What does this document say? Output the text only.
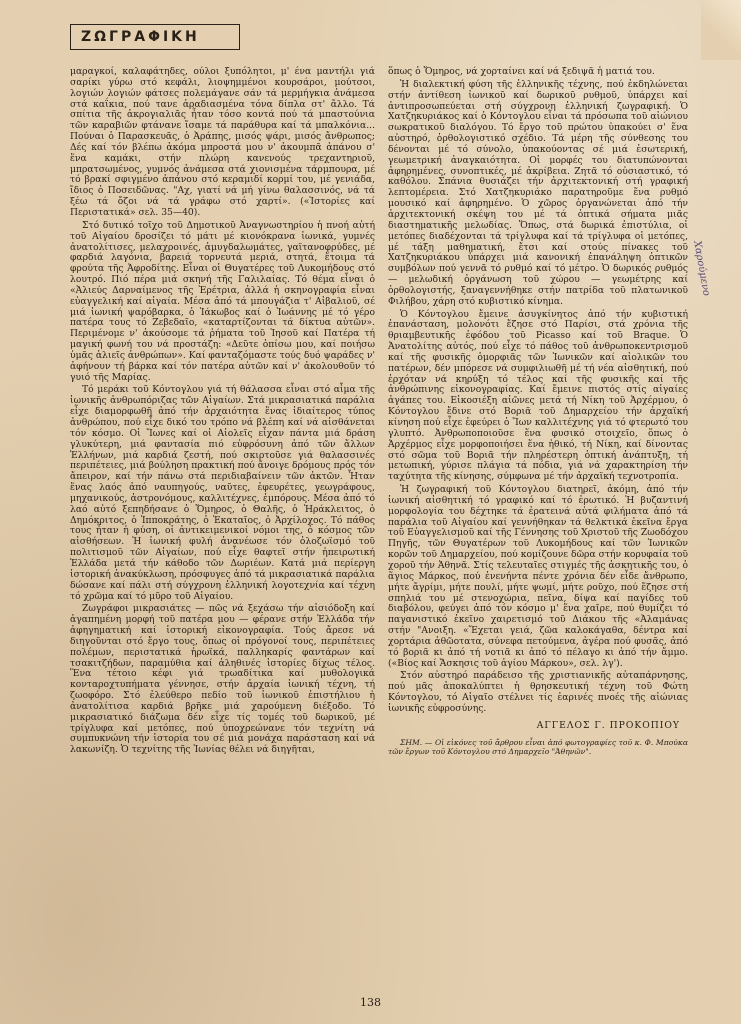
ΖΩΓΡΑΦΙΚΗ

μαραγκοί, καλαφάτηδες, ούλοι ξυπόλητοι, μ' ένα μαντήλι γιά σαρίκι γύρω στό κεφάλι, λιοψημμένοι κουρσάροι, μούτσοι, λογιών λογιών φάτσες πολεμάγανε σάν τά μερμήγκια ἀνάμεσα στά καΐκια, πού τανε ἀραδιασμένα τόνα δίπλα στ' ἄλλο. Τά σπίτια τῆς ἀκρογιαλιᾶς ἦταν τόσο κοντά πού τά μπαστούνια τῶν καραβιῶν φτάνανε ἴσαμε τά παράθυρα καί τά μπαλκόνια... Πούναι ὁ Παρασκευᾶς, ὁ Ἀράπης, μισός ψάρι, μισός ἄνθρωπος; Δές καί τόν βλέπω ἀκόμα μπροστά μου ν' ἀκουμπᾶ ἀπάνου σ' ἕνα καμάκι, στήν πλώρη κανενούς τρεχαντηριοῦ, μπρατσωμένος, γυμνός ἀνάμεσα στά χιονισμένα τάρμπουρα, μέ τό βρακί σφιγμένο ἀπάνου στό κεραμιδί κορμί του, μέ γενιάδα, ἴδιος ὁ Ποσειδῶνας. "Αχ, γιατί νά μή γίνω θαλασσινός, νά τά ξέω τά ὄζοι νά τά γράφω στό χαρτί». («Ἱστορίες καί Περιστατικά» σελ. 35—40).

Στό δυτικό τοῖχο τοῦ Δημοτικοῦ Ἀναγνωστηρίου ἡ πνοή αὐτή τοῦ Αἰγαίου δροσίζει τό μάτι μέ κιονόκρανα ἰωνικά, γυμνές ἀνατολίτισες, μελαχροινές, ἀμυγδαλωμάτες, γαϊτανοφρύδες, μέ φαρδιά λαγόνια, βαρειά τορνευτά μεριά, στητά, ἕτοιμα τά φρούτα τῆς Ἀφροδίτης. Εἶναι οἱ Θυγατέρες τοῦ Λυκομήδους στό λουτρό. Πιό πέρα μιά σκηνή τῆς Γαλιλαίας. Τό θέμα εἶναι ὁ «Ἁλιεύς Δαρναίμενος τῆς Ἐρέτρια, ἀλλά ἡ σκηνογραφία εἶναι εὐαγγελική καί αἰγαία. Μέσα ἀπό τά μπουγάζια τ' Αἰβαλιοῦ, σέ μιά ἰωνική ψαρόβαρκα, ὁ Ἰάκωβος καί ὁ Ἰωάννης μέ τό γέρο πατέρα τους τό Ζεβεδαῖο, «καταρτίζονται τά δίκτυα αὐτῶν». Περιμένομε ν' ἀκούσομε τά ῥήματα τοῦ Ἰησοῦ καί Πατέρα τή μαγική φωνή του νά προστάζη: «Δεῦτε ὀπίσω μου, καί ποιήσω ὑμᾶς ἁλιεῖς ἀνθρώπων». Καί φανταζόμαστε τούς δυό ψαράδες ν' ἀφήνουν τή βάρκα καί τόν πατέρα αὐτῶν καί ν' ἀκολουθοῦν τό γυιό τῆς Μαρίας.

Τό μεράκι τοῦ Κόντογλου γιά τή θάλασσα εἶναι στό αἷμα τῆς ἰωνικῆς ἀνθρωπόριζας τῶν Αἰγαίων. Στά μικρασιατικά παράλια εἶχε διαμορφωθῆ ἀπό τήν ἀρχαιότητα ἕνας ἰδιαίτερος τύπος ἀνθρώπου, πού εἶχε δικό του τρόπο νά βλέπη καί νά αἰσθάνεται τόν κόσμο. Οἱ Ἴωνες καί οἱ Αἰολεῖς εἶχαν πάντα μιά δράση γλυκύτερη, μιά φαντασία πιό εὐφρόσυνη ἀπό τῶν ἄλλων Ἑλλήνων, μιά καρδιά ζεστή, πού σκιρτοῦσε γιά θαλασσινές περιπέτειες, μιά βούληση πρακτική πού ἄνοιγε δρόμους πρός τόν ἄπειρον, καί τήν πάνω στά περιδιαβαίνειν τῶν ἀκτῶν. Ἦταν ἕνας λαός ἀπό ναυπηγούς, ναῦτες, ἐφευρέτες, γεωγράφους, μηχανικούς, ἀστρονόμους, καλλιτέχνες, ἐμπόρους. Μέσα ἀπό τό λαό αὐτό ξεπηδήσανε ὁ Ὅμηρος, ὁ Θαλῆς, ὁ Ἡράκλειτος, ὁ Δημόκριτος, ὁ Ἱπποκράτης, ὁ Ἑκαταῖος, ὁ Ἀρχίλοχος. Τό πάθος τους ἦταν ἡ φύση, οἱ ἀντικειμενικοί νόμοι της, ὁ κόσμος τῶν αἰσθήσεων. Ἡ ἰωνική φυλή ἀνανέωσε τόν ὁλοζωϊσμό τοῦ πολιτισμοῦ τῶν Αἰγαίων, πού εἶχε θαφτεῖ στήν ἠπειρωτική Ἑλλάδα μετά τήν κάθοδο τῶν Δωριέων. Κατά μιά περίεργη ἱστορική ἀνακύκλωση, πρόσφυγες ἀπό τά μικρασιατικά παράλια δώσανε καί πάλι στή σύγχρονη ἑλληνική λογοτεχνία καί τέχνη τό χρῶμα καί τό μῦρο τοῦ Αἰγαίου.

Ζωγράφοι μικρασιάτες — πῶς νά ξεχάσω τήν αἰσιόδοξη καί ἀγαπημένη μορφή τοῦ πατέρα μου — φέρανε στήν Ἑλλάδα τήν ἀφηγηματική καί ἱστορική εἰκονογραφία. Τούς ἄρεσε νά διηγοῦνται στό ἔργο τους, ὅπως οἱ πρόγονοί τους, περιπέτειες πολέμων, περιστατικά ἡρωϊκά, παλληκαρίς φαντάρων καί τσακιτζήδων, παραμύθια καί ἀληθινές ἱστορίες δίχως τέλος. Ἕνα τέτοιο κέφι γιά τρωαδίτικα καί μυθολογικά κονταροχτυπήματα γέννησε, στήν ἀρχαία ἰωνική τέχνη, τή ζωοφόρο. Στό ἐλεύθερο πεδίο τοῦ ἰωνικοῦ ἐπιστήλιου ἡ ἀνατολίτισα καρδιά βρῆκε μιά χαρούμενη διέξοδο. Τό μικρασιατικό διάζωμα δέν εἶχε τίς τομές τοῦ δωρικοῦ, μέ τρίγλυφα καί μετόπες, πού ὑποχρεώνανε τόν τεχνίτη νά συμπυκνώνη τήν ἱστορία του σέ μιά μονάχα παράσταση καί νά λακωνίζη. Ὁ τεχνίτης τῆς Ἰωνίας θέλει νά διηγῆται,

ὅπως ὁ Ὅμηρος, νά χορταίνει καί νά ξεδιψᾶ ἡ ματιά του.

Ἡ διαλεκτική φύση τῆς ἑλληνικῆς τέχνης, πού ἐκδηλώνεται στήν ἀντίθεση ἰωνικοῦ καί δωρικοῦ ρυθμοῦ, ὑπάρχει καί ἀντιπροσωπεύεται στή σύγχρονη ἑλληνική ζωγραφική. Ὁ Χατζηκυριάκος καί ὁ Κόντογλου εἶναι τά πρόσωπα τοῦ αἰώνιου σωκρατικοῦ διαλόγου. Τό ἔργο τοῦ πρώτου ὑπακούει σ' ἕνα αὐστηρό, ὀρθολογιστικό σχέδιο. Τά μέρη τῆς σύνθεσης του δένονται μέ τό σύνολο, ὑπακούοντας σέ μιά ἐσωτερική, γεωμετρική ἀναγκαιότητα. Οἱ μορφές του διατυπώνονται ἀφηρημένες, συνοπτικές, μέ ἀκρίβεια. Ζητᾶ τό οὐσιαστικό, τό καθόλου. Σπάνια θυσιάζει τήν ἀρχιτεκτονική στή γραφική λεπτομέρεια. Στό Χατζηκυριάκο παρατηροῦμε ἕνα ρυθμό μουσικό καί ἀφηρημένο. Ὁ χῶρος ὀργανώνεται ἀπό τήν ἀρχιτεκτονική σκέψη του μέ τά ὀπτικά σήματα μιᾶς διαστηματικῆς μελωδίας. Ὅπως, στά δωρικά ἐπιστύλια, οἱ μετόπες διαδέχονται τά τρίγλυφα καί τά τρίγλυφα οἱ μετόπες, μέ τάξη μαθηματική, ἔτσι καί στούς πίνακες τοῦ Χατζηκυριάκου ὑπάρχει μιά κανονική ἐπανάληψη ὀπτικῶν συμβόλων πού γεννᾶ τό ρυθμό καί τό μέτρο. Ὁ δωρικός ρυθμός — μελωδική ὀργάνωση τοῦ χώρου — γεωμέτρης καί ὀρθολογιστής, ξαναγεννήθηκε στήν πατρίδα τοῦ πλατωνικοῦ Φιλήβου, χάρη στό κυβιστικό κίνημα.

Ὁ Κόντογλου ἔμεινε ἀσυγκίνητος ἀπό τήν κυβιστική ἐπανάσταση, μολονότι ἔζησε στό Παρίσι, στά χρόνια τῆς θριαμβευτικῆς ἐφόδου τοῦ Picasso καί τοῦ Braque. Ὁ Ἀνατολίτης αὐτός, πού εἶχε τό πάθος τοῦ ἀνθρωποκεντρισμοῦ καί τῆς φυσικῆς ὁμορφιᾶς τῶν Ἰωνικῶν καί αἰολικῶν του πατέρων, δέν μπόρεσε νά συμφιλιωθῆ μέ τή νέα αἰσθητική, πού ἐρχόταν νά κηρύξη τό τέλος καί τῆς φυσικῆς καί τῆς ἀνθρώπινης εἰκονογραφίας. Καί ἔμεινε πιστός στίς αἰγαίες ἀγάπες του. Εἰκοσιέξη αἰῶνες μετά τή Νίκη τοῦ Ἀρχέρμου, ὁ Κόντογλου ἔδινε στό Βοριᾶ τοῦ Δημαρχείου τήν ἀρχαϊκή κίνηση πού εἶχε ἐφεύρει ὁ Ἴων καλλιτέχνης γιά τό φτερωτό του γλυπτό. Ἀνθρωποποιοῦσε ἕνα φυσικό στοιχεῖο, ὅπως ὁ Ἀρχέρμος εἶχε μορφοποιήσει ἕνα ἠθικό, τή Νίκη, καί δίνοντας στό σῶμα τοῦ Βοριᾶ τήν πληρέστερη ὀπτική ἀνάπτυξη, τή μετωπική, γύρισε πλάγια τά πόδια, γιά νά χαρακτηρίση τήν ταχύτητα τῆς κίνησης, σύμφωνα μέ τήν ἀρχαϊκή τεχνοτροπία.

Ἡ ζωγραφική τοῦ Κόντογλου διατηρεῖ, ἀκόμη, ἀπό τήν ἰωνική αἰσθητική τό γραφικό καί τό ἐρωτικό. Ἡ βυζαντινή μορφολογία του δέχτηκε τά ἐρατεινά αὐτά φιλήματα ἀπό τά παράλια τοῦ Αἰγαίου καί γεννήθηκαν τά θελκτικά ἐκεῖνα ἔργα τοῦ Εὐαγγελισμοῦ καί τῆς Γέννησης τοῦ Χριστοῦ τῆς Ζωοδόχου Πηγῆς, τῶν Θυγατέρων τοῦ Λυκομήδους καί τῶν Ἰωνικῶν κορῶν τοῦ Δημαρχείου, πού κομίζουνε δῶρα στήν κορυφαία τοῦ χοροῦ τήν Ἀθηνᾶ. Στίς τελευταῖες στιγμές τῆς ἀσκητικῆς του, ὁ ἅγιος Μάρκος, πού ἐνενήντα πέντε χρόνια δέν εἶδε ἄνθρωπο, μήτε ἄγρίμι, μήτε πουλί, μήτε ψωμί, μήτε ροῦχο, πού ἔζησε στή σπηλιά του μέ στενοχώρια, πεῖνα, δίψα καί παγίδες τοῦ διαβόλου, φεύγει ἀπό τόν κόσμο μ' ἕνα χαῖρε, πού θυμίζει τό παγανιστικό ἐκεῖνο χαιρετισμό τοῦ Διάκου τῆς «Ἀλαμάνας στήν "Ανοιξη. «Ἔχεται γειά, ζῶα καλοκάγαθα, δέντρα καί χορτάρια ἀθῶοτατα, σύνεφα πετούμενα, ἀγέρα πού φυσᾶς, ἀπό τό βοριᾶ κι ἀπό τή νοτιᾶ κι ἀπό τό πέλαγο κι ἀπό τήν ἄμμο. («Βίος καί Ἄσκησις τοῦ ἁγίου Μάρκου», σελ. λγ').

Στόν αὐστηρό παράδεισο τῆς χριστιανικῆς αὐταπάρνησης, πού μᾶς ἀποκαλύπτει ἡ θρησκευτική τέχνη τοῦ Φώτη Κόντογλου, τό Αἰγαῖο στέλνει τίς ἐαρινές πνοές τῆς αἰώνιας ἰωνικῆς εὐφροσύνης.

ΑΓΓΕΛΟΣ Γ. ΠΡΟΚΟΠΙΟΥ
ΣΗΜ. — Οἱ εἰκόνες τοῦ ἄρθρου εἶναι ἀπό φωτογραφίες τοῦ κ. Φ. Μπούκα τῶν ἔργων τοῦ Κόντογλου στό Δημαρχεῖο "Ἀθηνῶν".
Χαρούμενο
138
